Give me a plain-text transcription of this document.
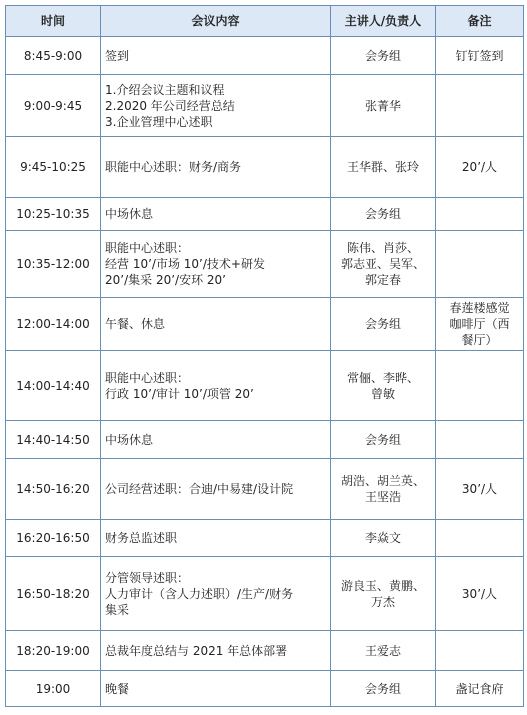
时间	会议内容	主讲人/负责人	备注
8:45-9:00	签到	会务组	钉钉签到
9:00-9:45	1.介绍会议主题和议程
2.2020 年公司经营总结
3.企业管理中心述职	张菁华	
9:45-10:25	职能中心述职：财务/商务	王华群、张玲	20’/人
10:25-10:35	中场休息	会务组	
10:35-12:00	职能中心述职：
经营 10’/市场 10’/技术+研发
20’/集采 20’/安环 20’	陈伟、肖莎、
郭志亚、吴军、
郭定春	
12:00-14:00	午餐、休息	会务组	春莲楼感觉
咖啡厅（西
餐厅）
14:00-14:40	职能中心述职：
行政 10’/审计 10’/项管 20’	常俪、李晔、
曾敏	
14:40-14:50	中场休息	会务组	
14:50-16:20	公司经营述职：合迪/中易建/设计院	胡浩、胡兰英、
王坚浩	30’/人
16:20-16:50	财务总监述职	李焱文	
16:50-18:20	分管领导述职：
人力审计（含人力述职）/生产/财务
集采	游良玉、黄鹏、
万杰	30’/人
18:20-19:00	总裁年度总结与 2021 年总体部署	王爱志	
19:00	晚餐	会务组	盏记食府
